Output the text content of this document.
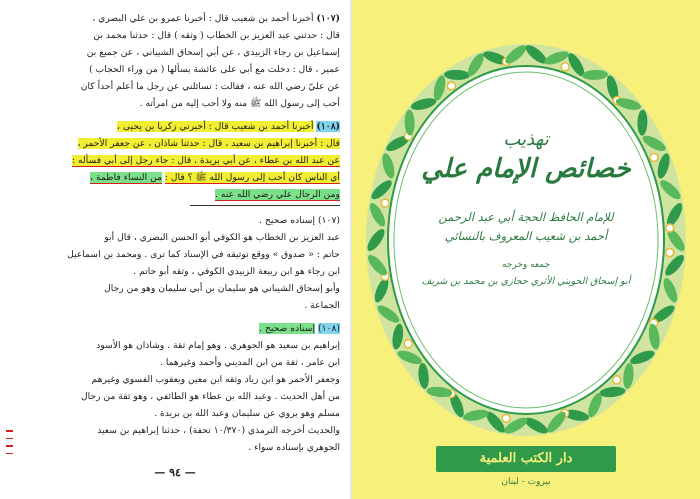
(١٠٧) أخبرنا أحمد بن شعيب قال : أخبرنا عمرو بن علي البصري ،

قال : حدثني عبد العزيز بن الخطاب ( وثقه ) قال : حدثنا محمد بن

إسماعيل بن رجاء الزبيدي ، عن أبي إسحاق الشيباني ، عن جميع بن

عمير ، قال : دخلت مع أبي على عائشة يسألها ( من وراء الحجاب )

عن عليّ رضي الله عنه ، فقالت : تسائلني عن رجل ما أعلم أحداً كان

أحب إلى رسول الله ﷺ منه ولا أحب إليه من امرأته .

(١٠٨) أخبرنا أحمد بن شعيب قال : أخبرني زكريا بن يحيى ،

قال : أخبرنا إبراهيم بن سعيد ، قال : حدثنا شاذان ، عن جعفر الأحمر ،

عن عبد الله بن عطاء ، عن أبي بريدة ، قال : جاء رجل إلى أبي فسأله :

أي الناس كان أحب إلى رسول الله ﷺ ؟ قال : من النساء فاطمة ،

ومن الرجال علي رضي الله عنه .

(١٠٧) إسناده صحيح .

عبد العزيز بن الخطاب هو الكوفي أبو الحسن البصري ، قال أبو

حاتم : « صدوق » ووقع توثيقه في الإسناد كما ترى . ومحمد بن اسماعيل

ابن رجاء هو ابن ربيعة الزبيدي الكوفي ، وثقه أبو حاتم .

وأبو إسحاق الشيباني هو سليمان بن أبي سليمان وهو من رجال

الجماعة .

(١٠٨) إسناده صحيح .

إبراهيم بن سعيد هو الجوهري . وهو إمام ثقة . وشاذان هو الأسود

ابن عامر ، ثقة من ابن المديني وأحمد وغيرهما .

وجعفر الأحمر هو ابن زياد وثقه ابن معين ويعقوب الفسوي وغيرهم

من أهل الحديث . وعبد الله بن عطاء هو الطائفي ، وهو ثقة من رجال

مسلم وهو يروي عن سليمان وعبد الله بن بريدة .

والحديث أخرجه الترمذي (١٠/٣٧٠ تحفة) ، حدثنا إبراهيم بن سعيد

الجوهري بإسناده سواء .

— ٩٤ —
تهذيب
خصائص الإمام علي
للإمام الحافظ الحجة أبي عبد الرحمن
أحمد بن شعيب المعروف بالنسائي
جمعه وخرجه
أبو إسحاق الحويني الأثري حجازي بن محمد بن شريف
دار الكتب العلمية
بيروت - لبنان
